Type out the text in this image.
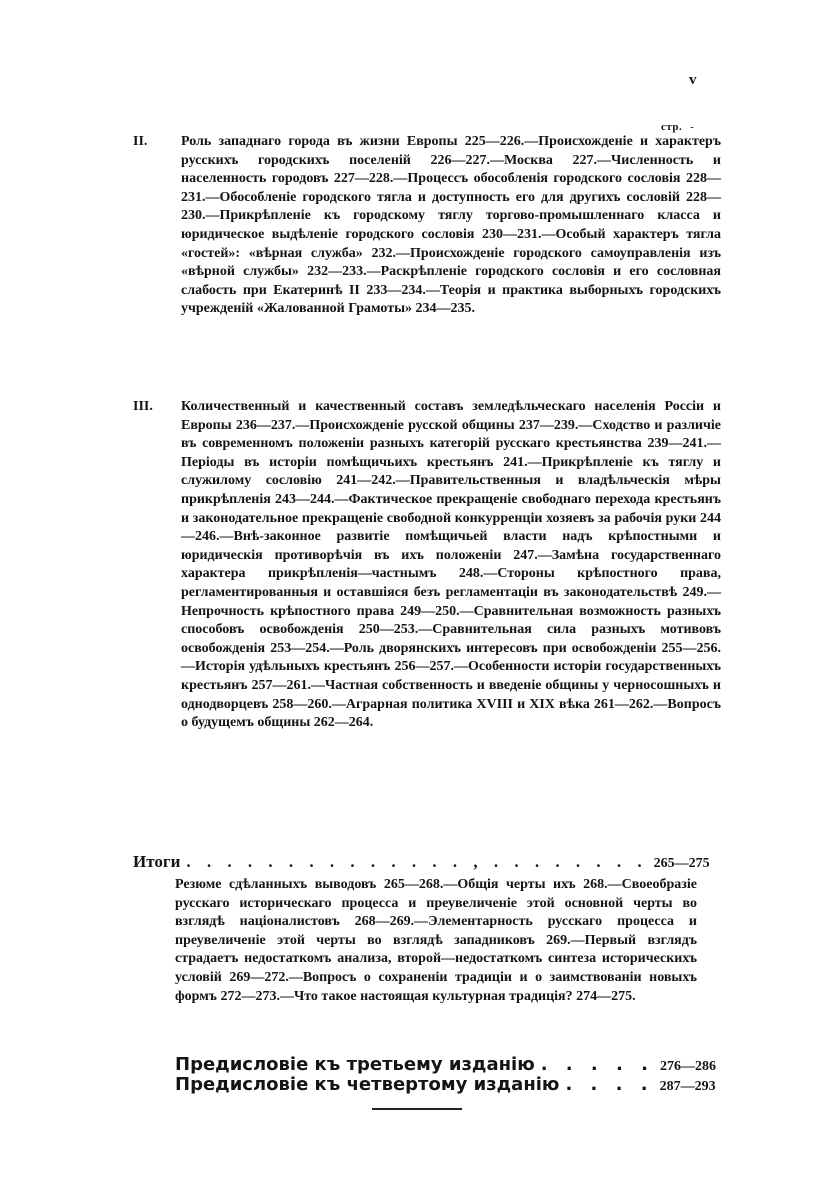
v
стр. -
II. Роль западнаго города въ жизни Европы 225—226.—Происхожденіе и характеръ русскихъ городскихъ поселеній 226—227.—Москва 227.—Численность и населенность городовъ 227—228.—Процессъ обособленія городского сословія 228—231.—Обособленіе городского тягла и доступность его для другихъ сословій 228—230.—Прикрѣпленіе къ городскому тяглу торгово-промышленнаго класса и юридическое выдѣленіе городского сословія 230—231.—Особый характеръ тягла «гостей»: «вѣрная служба» 232.—Происхожденіе городского самоуправленія изъ «вѣрной службы» 232—233.—Раскрѣпленіе городского сословія и его сословная слабость при Екатеринѣ II 233—234.—Теорія и практика выборныхъ городскихъ учрежденій «Жалованной Грамоты» 234—235.
III. Количественный и качественный составъ земледѣльческаго населенія Россіи и Европы 236—237.—Происхожденіе русской общины 237—239.—Сходство и различіе въ современномъ положеніи разныхъ категорій русскаго крестьянства 239—241.—Періоды въ исторіи помѣщичьихъ крестьянъ 241.—Прикрѣпленіе къ тяглу и служилому сословію 241—242.—Правительственныя и владѣльческія мѣры прикрѣпленія 243—244.—Фактическое прекращеніе свободнаго перехода крестьянъ и законодательное прекращеніе свободной конкурренціи хозяевъ за рабочія руки 244—246.—Внѣ-законное развитіе помѣщичьей власти надъ крѣпостными и юридическія противорѣчія въ ихъ положеніи 247.—Замѣна государственнаго характера прикрѣпленія—частнымъ 248.—Стороны крѣпостного права, регламентированныя и оставшіяся безъ регламентаціи въ законодательствѣ 249.—Непрочность крѣпостного права 249—250.—Сравнительная возможность разныхъ способовъ освобожденія 250—253.—Сравнительная сила разныхъ мотивовъ освобожденія 253—254.—Роль дворянскихъ интересовъ при освобожденіи 255—256.—Исторія удѣльныхъ крестьянъ 256—257.—Особенности исторіи государственныхъ крестьянъ 257—261.—Частная собственность и введеніе общины у черносошныхъ и однодворцевъ 258—260.—Аграрная политика XVIII и XIX вѣка 261—262.—Вопросъ о будущемъ общины 262—264.
Итоги . . . . . . . . . . . . . . , . . . . . . . . 265—275
Резюме сдѣланныхъ выводовъ 265—268.—Общія черты ихъ 268.—Своеобразіе русскаго историческаго процесса и преувеличеніе этой основной черты во взглядѣ націоналистовъ 268—269.—Элементарность русскаго процесса и преувеличеніе этой черты во взглядѣ западниковъ 269.—Первый взглядъ страдаетъ недостаткомъ анализа, второй—недостаткомъ синтеза историческихъ условій 269—272.—Вопросъ о сохраненіи традиціи и о заимствованіи новыхъ формъ 272—273.—Что такое настоящая культурная традиція? 274—275.
Предисловіе къ третьему изданію . . . . . 276—286
Предисловіе къ четвертому изданію . . . . 287—293
